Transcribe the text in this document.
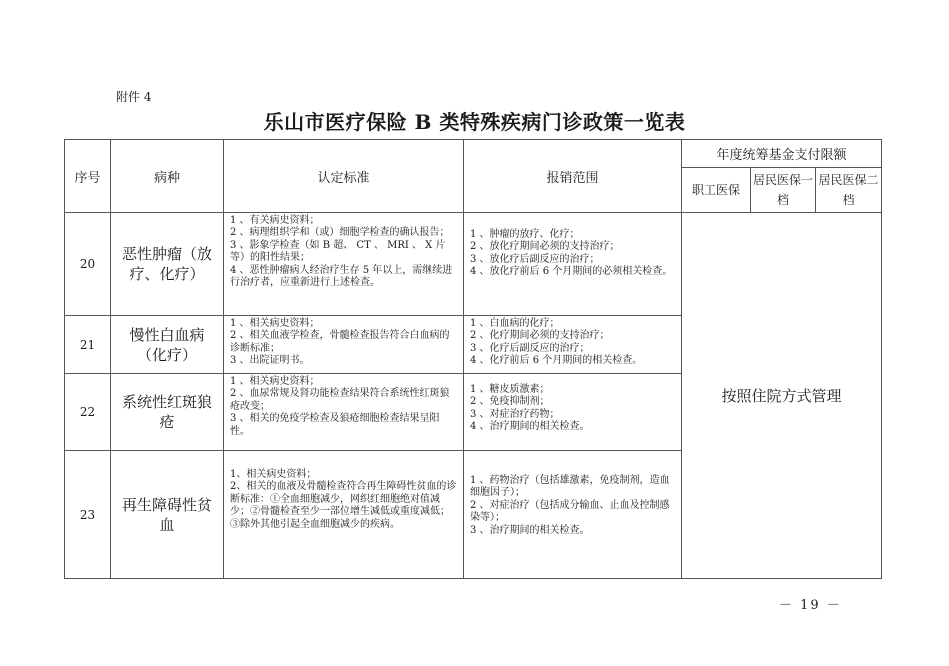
附件 4
乐山市医疗保险 B 类特殊疾病门诊政策一览表
序号	病种	认定标准	报销范围	年度统筹基金支付限额		
				职工医保	居民医保一档	居民医保二档
20	恶性肿瘤（放疗、化疗）	1 、有关病史资料；
2 、病理组织学和（或）细胞学检查的确认报告；
3 、影象学检查（如 B 超、 CT 、 MRI 、 X 片等）的阳性结果；
4 、恶性肿瘤病人经治疗生存 5 年以上，需继续进行治疗者，应重新进行上述检查。	1 、肿瘤的放疗、化疗；
2 、放化疗期间必须的支持治疗；
3 、放化疗后副反应的治疗；
4 、放化疗前后 6 个月期间的必须相关检查。	按照住院方式管理		
21	慢性白血病（化疗）	1 、相关病史资料；
2 、相关血液学检查，骨髓检查报告符合白血病的诊断标准；
3 、出院证明书。	1 、白血病的化疗；
2 、化疗期间必须的支持治疗；
3 、化疗后副反应的治疗；
4 、化疗前后 6 个月期间的相关检查。			

22	系统性红斑狼疮	1 、相关病史资料；
2 、血尿常规及肾功能检查结果符合系统性红斑狼疮改变；
3 、相关的免疫学检查及狼疮细胞检查结果呈阳性。	1 、糖皮质激素；
2 、免疫抑制剂；
3 、对症治疗药物；
4 、治疗期间的相关检查。			

23	再生障碍性贫血	1、相关病史资料；
2、相关的血液及骨髓检查符合再生障碍性贫血的诊断标准：①全血细胞减少，网织红细胞绝对值减少；②骨髓检查至少一部位增生减低或重度减低；③除外其他引起全血细胞减少的疾病。	1 、药物治疗（包括雄激素，免疫制剂，造血细胞因子）；
2 、对症治疗（包括成分输血、止血及控制感染等）；
3 、治疗期间的相关检查。			
－ 19 －
